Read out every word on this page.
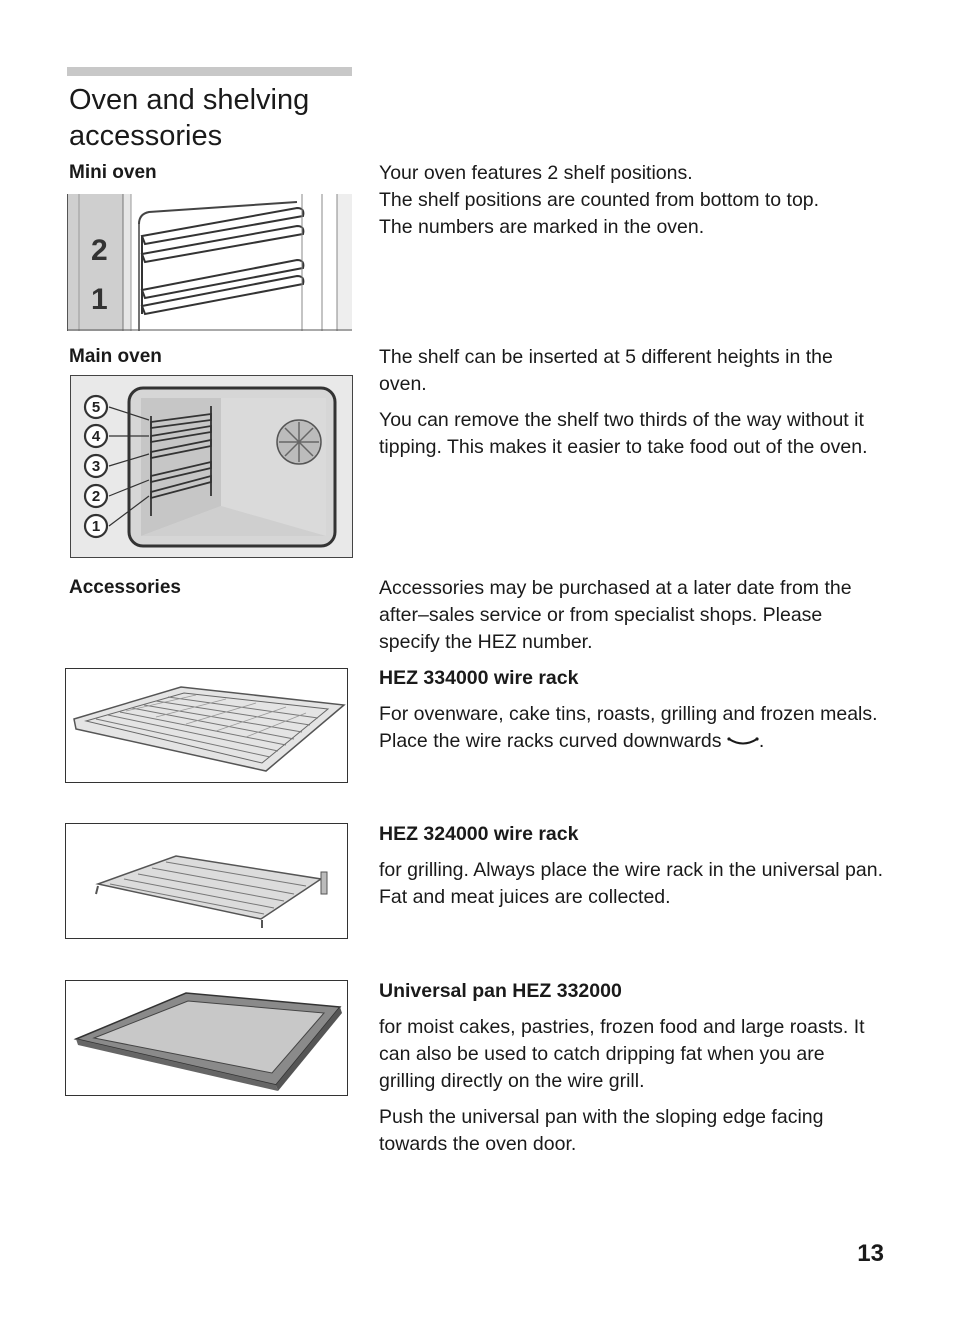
Oven and shelving
accessories
Mini oven
2
1

Your oven features 2 shelf positions.

The shelf positions are counted from bottom to top.

The numbers are marked in the oven.

Main oven
5
4
3
2
1

The shelf can be inserted at 5 different heights in the oven.

You can remove the shelf two thirds of the way without it tipping. This makes it easier to take food out of the oven.

Accessories	Accessories may be purchased at a later date from the after–sales service or from specialist shops. Please specify the HEZ number.

HEZ 334000 wire rack

For ovenware, cake tins, roasts, grilling and frozen meals.

Place the wire racks curved downwards .

HEZ 324000 wire rack

for grilling. Always place the wire rack in the universal pan. Fat and meat juices are collected.

Universal pan HEZ 332000

for moist cakes, pastries, frozen food and large roasts. It can also be used to catch dripping fat when you are grilling directly on the wire grill.

Push the universal pan with the sloping edge facing towards the oven door.

13
